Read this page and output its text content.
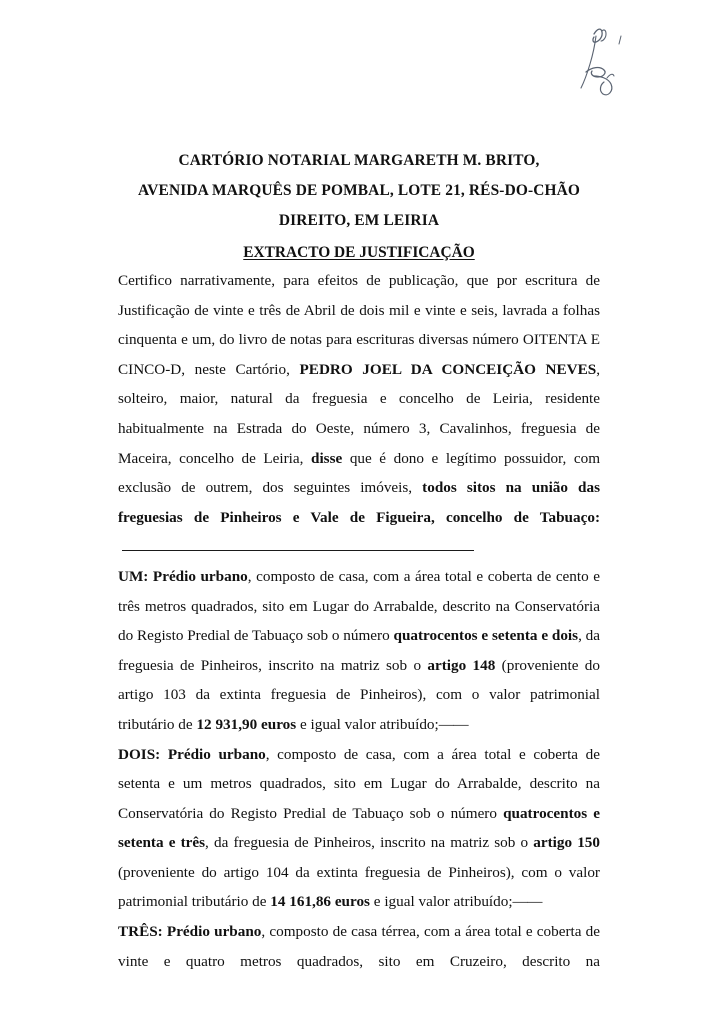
CARTÓRIO NOTARIAL MARGARETH M. BRITO,
AVENIDA MARQUÊS DE POMBAL, LOTE 21, RÉS-DO-CHÃO
DIREITO, EM LEIRIA
EXTRACTO DE JUSTIFICAÇÃO

Certifico narrativamente, para efeitos de publicação, que por escritura de Justificação de vinte e três de Abril de dois mil e vinte e seis, lavrada a folhas cinquenta e um, do livro de notas para escrituras diversas número OITENTA E CINCO-D, neste Cartório, PEDRO JOEL DA CONCEIÇÃO NEVES, solteiro, maior, natural da freguesia e concelho de Leiria, residente habitualmente na Estrada do Oeste, número 3, Cavalinhos, freguesia de Maceira, concelho de Leiria, disse que é dono e legítimo possuidor, com exclusão de outrem, dos seguintes imóveis, todos sitos na união das freguesias de Pinheiros e Vale de Figueira, concelho de Tabuaço:

UM: Prédio urbano, composto de casa, com a área total e coberta de cento e três metros quadrados, sito em Lugar do Arrabalde, descrito na Conservatória do Registo Predial de Tabuaço sob o número quatrocentos e setenta e dois, da freguesia de Pinheiros, inscrito na matriz sob o artigo 148 (proveniente do artigo 103 da extinta freguesia de Pinheiros), com o valor patrimonial tributário de 12 931,90 euros e igual valor atribuído;——

DOIS: Prédio urbano, composto de casa, com a área total e coberta de setenta e um metros quadrados, sito em Lugar do Arrabalde, descrito na Conservatória do Registo Predial de Tabuaço sob o número quatrocentos e setenta e três, da freguesia de Pinheiros, inscrito na matriz sob o artigo 150 (proveniente do artigo 104 da extinta freguesia de Pinheiros), com o valor patrimonial tributário de 14 161,86 euros e igual valor atribuído;——

TRÊS: Prédio urbano, composto de casa térrea, com a área total e coberta de vinte e quatro metros quadrados, sito em Cruzeiro, descrito na
